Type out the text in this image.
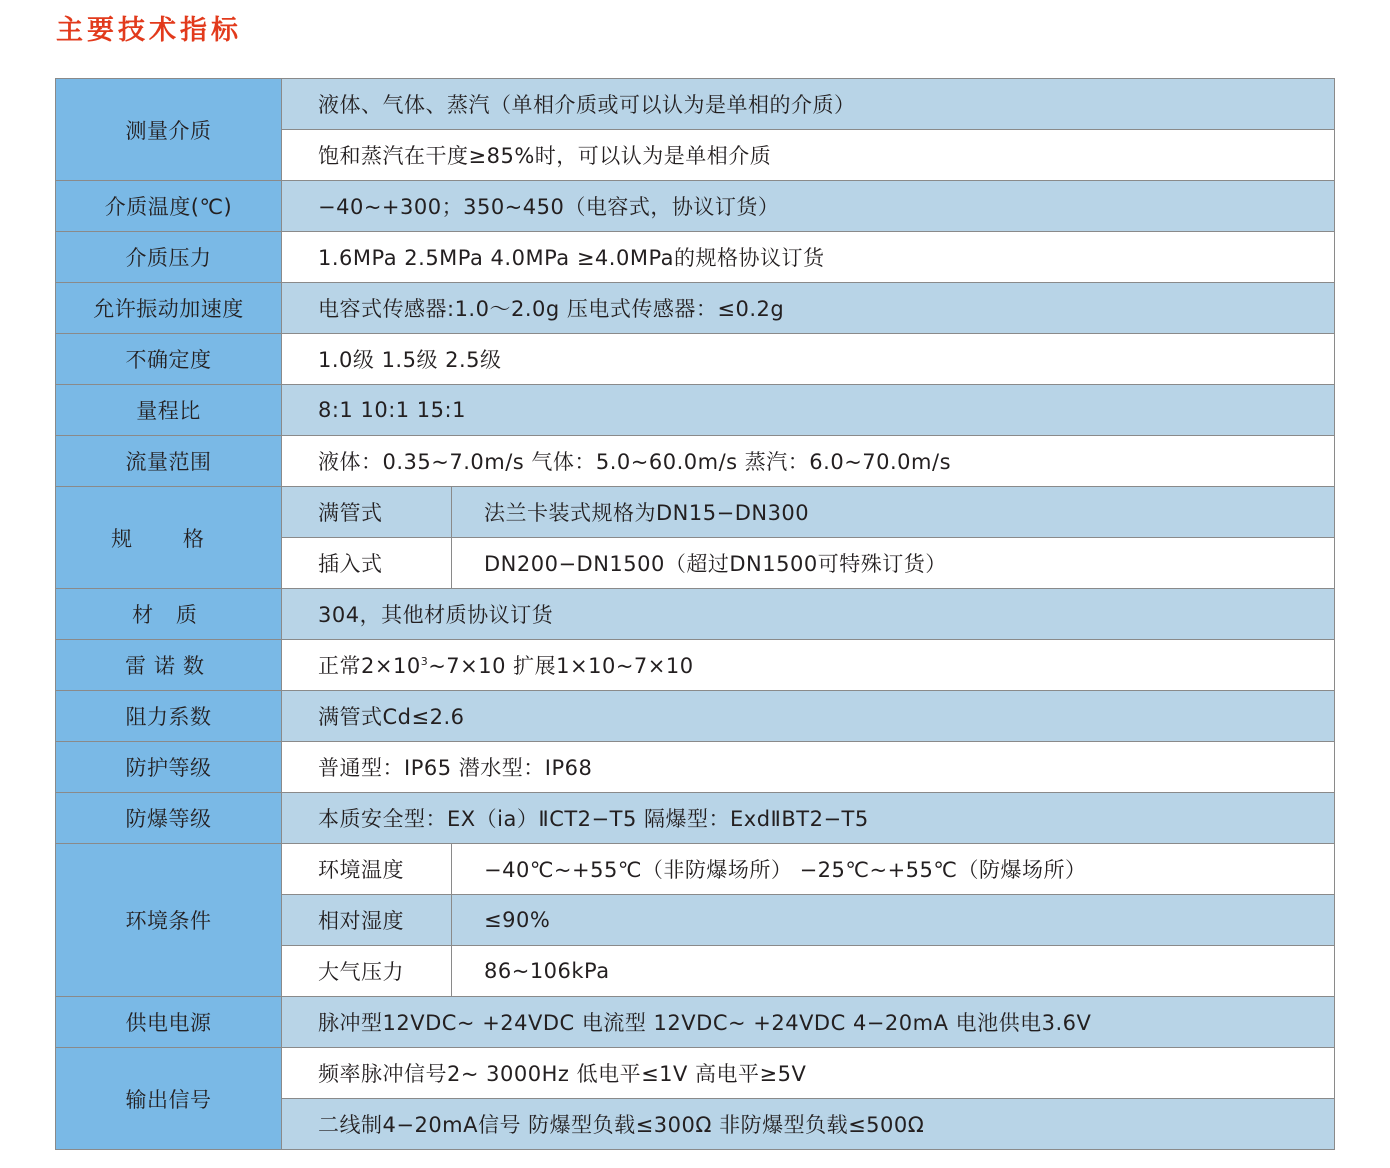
主要技术指标
测量介质	液体、气体、蒸汽（单相介质或可以认为是单相的介质）	
	饱和蒸汽在干度≥85%时，可以认为是单相介质	
介质温度(℃)	−40~+300；350~450（电容式，协议订货）	
介质压力	1.6MPa 2.5MPa 4.0MPa ≥4.0MPa的规格协议订货	
允许振动加速度	电容式传感器:1.0～2.0g 压电式传感器：≤0.2g	
不确定度	1.0级 1.5级 2.5级	
量程比	8:1 10:1 15:1	
流量范围	液体：0.35~7.0m/s 气体：5.0~60.0m/s 蒸汽：6.0~70.0m/s	
规 格	满管式	法兰卡装式规格为DN15−DN300
	插入式	DN200−DN1500（超过DN1500可特殊订货）
材 质	304，其他材质协议订货	
雷诺数	正常$2\times 10^3\sim 7\times 10$ 扩展1×10~7×10	
阻力系数	满管式Cd≤2.6	
防护等级	普通型：IP65 潜水型：IP68	
防爆等级	本质安全型：EX（ia）ⅡCT2−T5 隔爆型：ExdⅡBT2−T5	
环境条件	环境温度	−40℃~+55℃（非防爆场所） −25℃~+55℃（防爆场所）
	相对湿度	≤90%
	大气压力	86~106kPa
供电电源	脉冲型12VDC~ +24VDC 电流型 12VDC~ +24VDC 4−20mA 电池供电3.6V	
输出信号	频率脉冲信号2~ 3000Hz 低电平≤1V 高电平≥5V	
	二线制4−20mA信号 防爆型负载≤300Ω 非防爆型负载≤500Ω	
